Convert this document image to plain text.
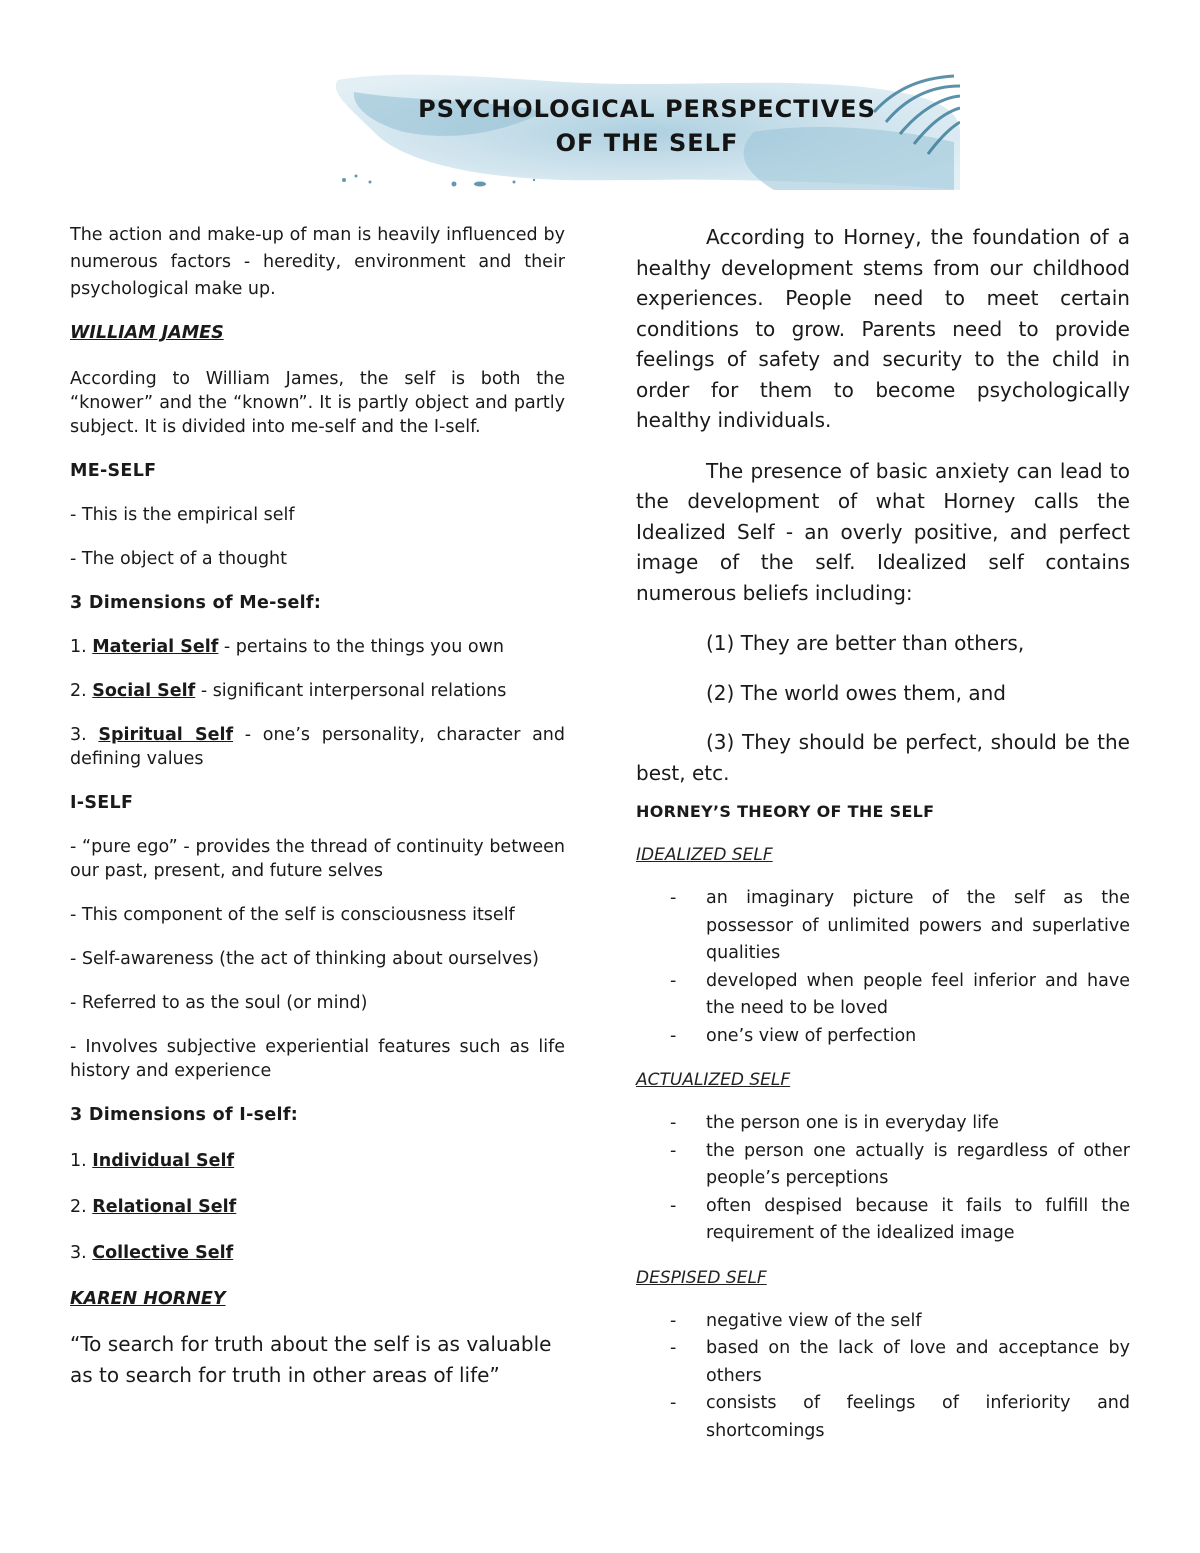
PSYCHOLOGICAL PERSPECTIVES
OF THE SELF

The action and make-up of man is heavily influenced by numerous factors - heredity, environment and their psychological make up.

WILLIAM JAMES

According to William James, the self is both the “knower” and the “known”. It is partly object and partly subject. It is divided into me-self and the I-self.

ME-SELF

- This is the empirical self

- The object of a thought

3 Dimensions of Me-self:

1. Material Self - pertains to the things you own

2. Social Self - significant interpersonal relations

3. Spiritual Self - one’s personality, character and defining values

I-SELF

- “pure ego” - provides the thread of continuity between our past, present, and future selves

- This component of the self is consciousness itself

- Self-awareness (the act of thinking about ourselves)

- Referred to as the soul (or mind)

- Involves subjective experiential features such as life history and experience

3 Dimensions of I-self:

1. Individual Self

2. Relational Self

3. Collective Self

KAREN HORNEY

“To search for truth about the self is as valuable as to search for truth in other areas of life”

According to Horney, the foundation of a healthy development stems from our childhood experiences. People need to meet certain conditions to grow. Parents need to provide feelings of safety and security to the child in order for them to become psychologically healthy individuals.

The presence of basic anxiety can lead to the development of what Horney calls the Idealized Self - an overly positive, and perfect image of the self. Idealized self contains numerous beliefs including:

(1) They are better than others,

(2) The world owes them, and

(3) They should be perfect, should be the best, etc.

HORNEY’S THEORY OF THE SELF

IDEALIZED SELF

- an imaginary picture of the self as the possessor of unlimited powers and superlative qualities
- developed when people feel inferior and have the need to be loved
- one’s view of perfection

ACTUALIZED SELF

- the person one is in everyday life
- the person one actually is regardless of other people’s perceptions
- often despised because it fails to fulfill the requirement of the idealized image

DESPISED SELF

- negative view of the self
- based on the lack of love and acceptance by others
- consists of feelings of inferiority and shortcomings
